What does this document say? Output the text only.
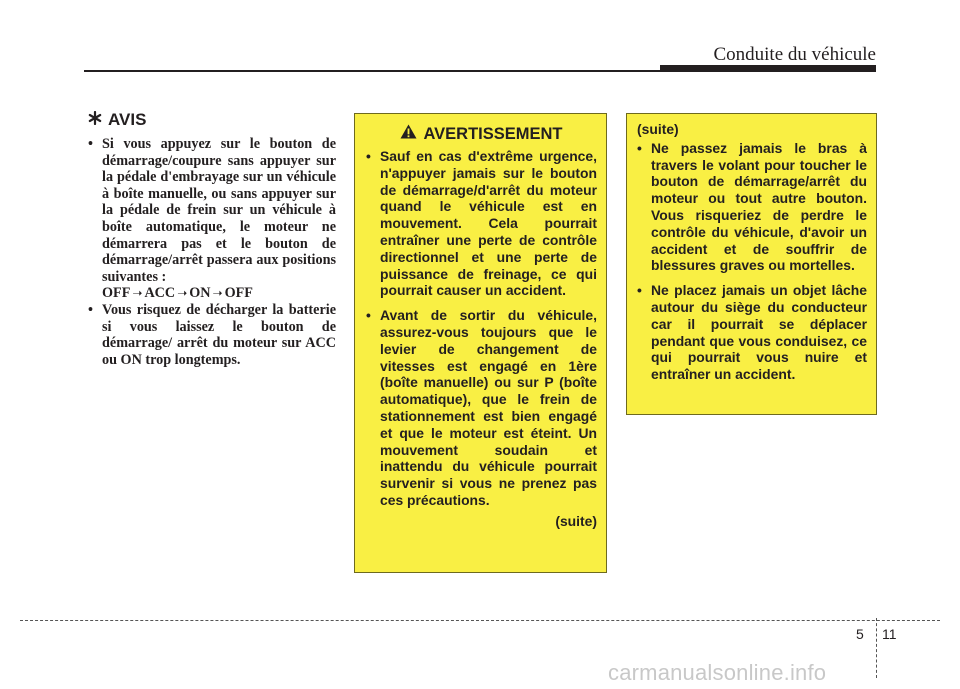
Conduite du véhicule
AVIS
• Si vous appuyez sur le bouton de démarrage/coupure sans appuyer sur la pédale d'embrayage sur un véhicule à boîte manuelle, ou sans appuyer sur la pédale de frein sur un véhicule à boîte automatique, le moteur ne démarrera pas et le bouton de démarrage/arrêt passera aux positions suivantes :
OFF ➝ ACC ➝ ON ➝ OFF
• Vous risquez de décharger la batterie si vous laissez le bouton de démarrage/ arrêt du moteur sur ACC ou ON trop longtemps.
AVERTISSEMENT
• Sauf en cas d'extrême urgence, n'appuyer jamais sur le bouton de démarrage/d'arrêt du moteur quand le véhicule est en mouvement. Cela pourrait entraîner une perte de contrôle directionnel et une perte de puissance de freinage, ce qui pourrait causer un accident.
• Avant de sortir du véhicule, assurez-vous toujours que le levier de changement de vitesses est engagé en 1ère (boîte manuelle) ou sur P (boîte automatique), que le frein de stationnement est bien engagé et que le moteur est éteint. Un mouvement soudain et inattendu du véhicule pourrait survenir si vous ne prenez pas ces précautions.
(suite)
(suite)
• Ne passez jamais le bras à travers le volant pour toucher le bouton de démarrage/arrêt du moteur ou tout autre bouton. Vous risqueriez de perdre le contrôle du véhicule, d'avoir un accident et de souffrir de blessures graves ou mortelles.
• Ne placez jamais un objet lâche autour du siège du conducteur car il pourrait se déplacer pendant que vous conduisez, ce qui pourrait vous nuire et entraîner un accident.
5 11
carmanualsonline.info
